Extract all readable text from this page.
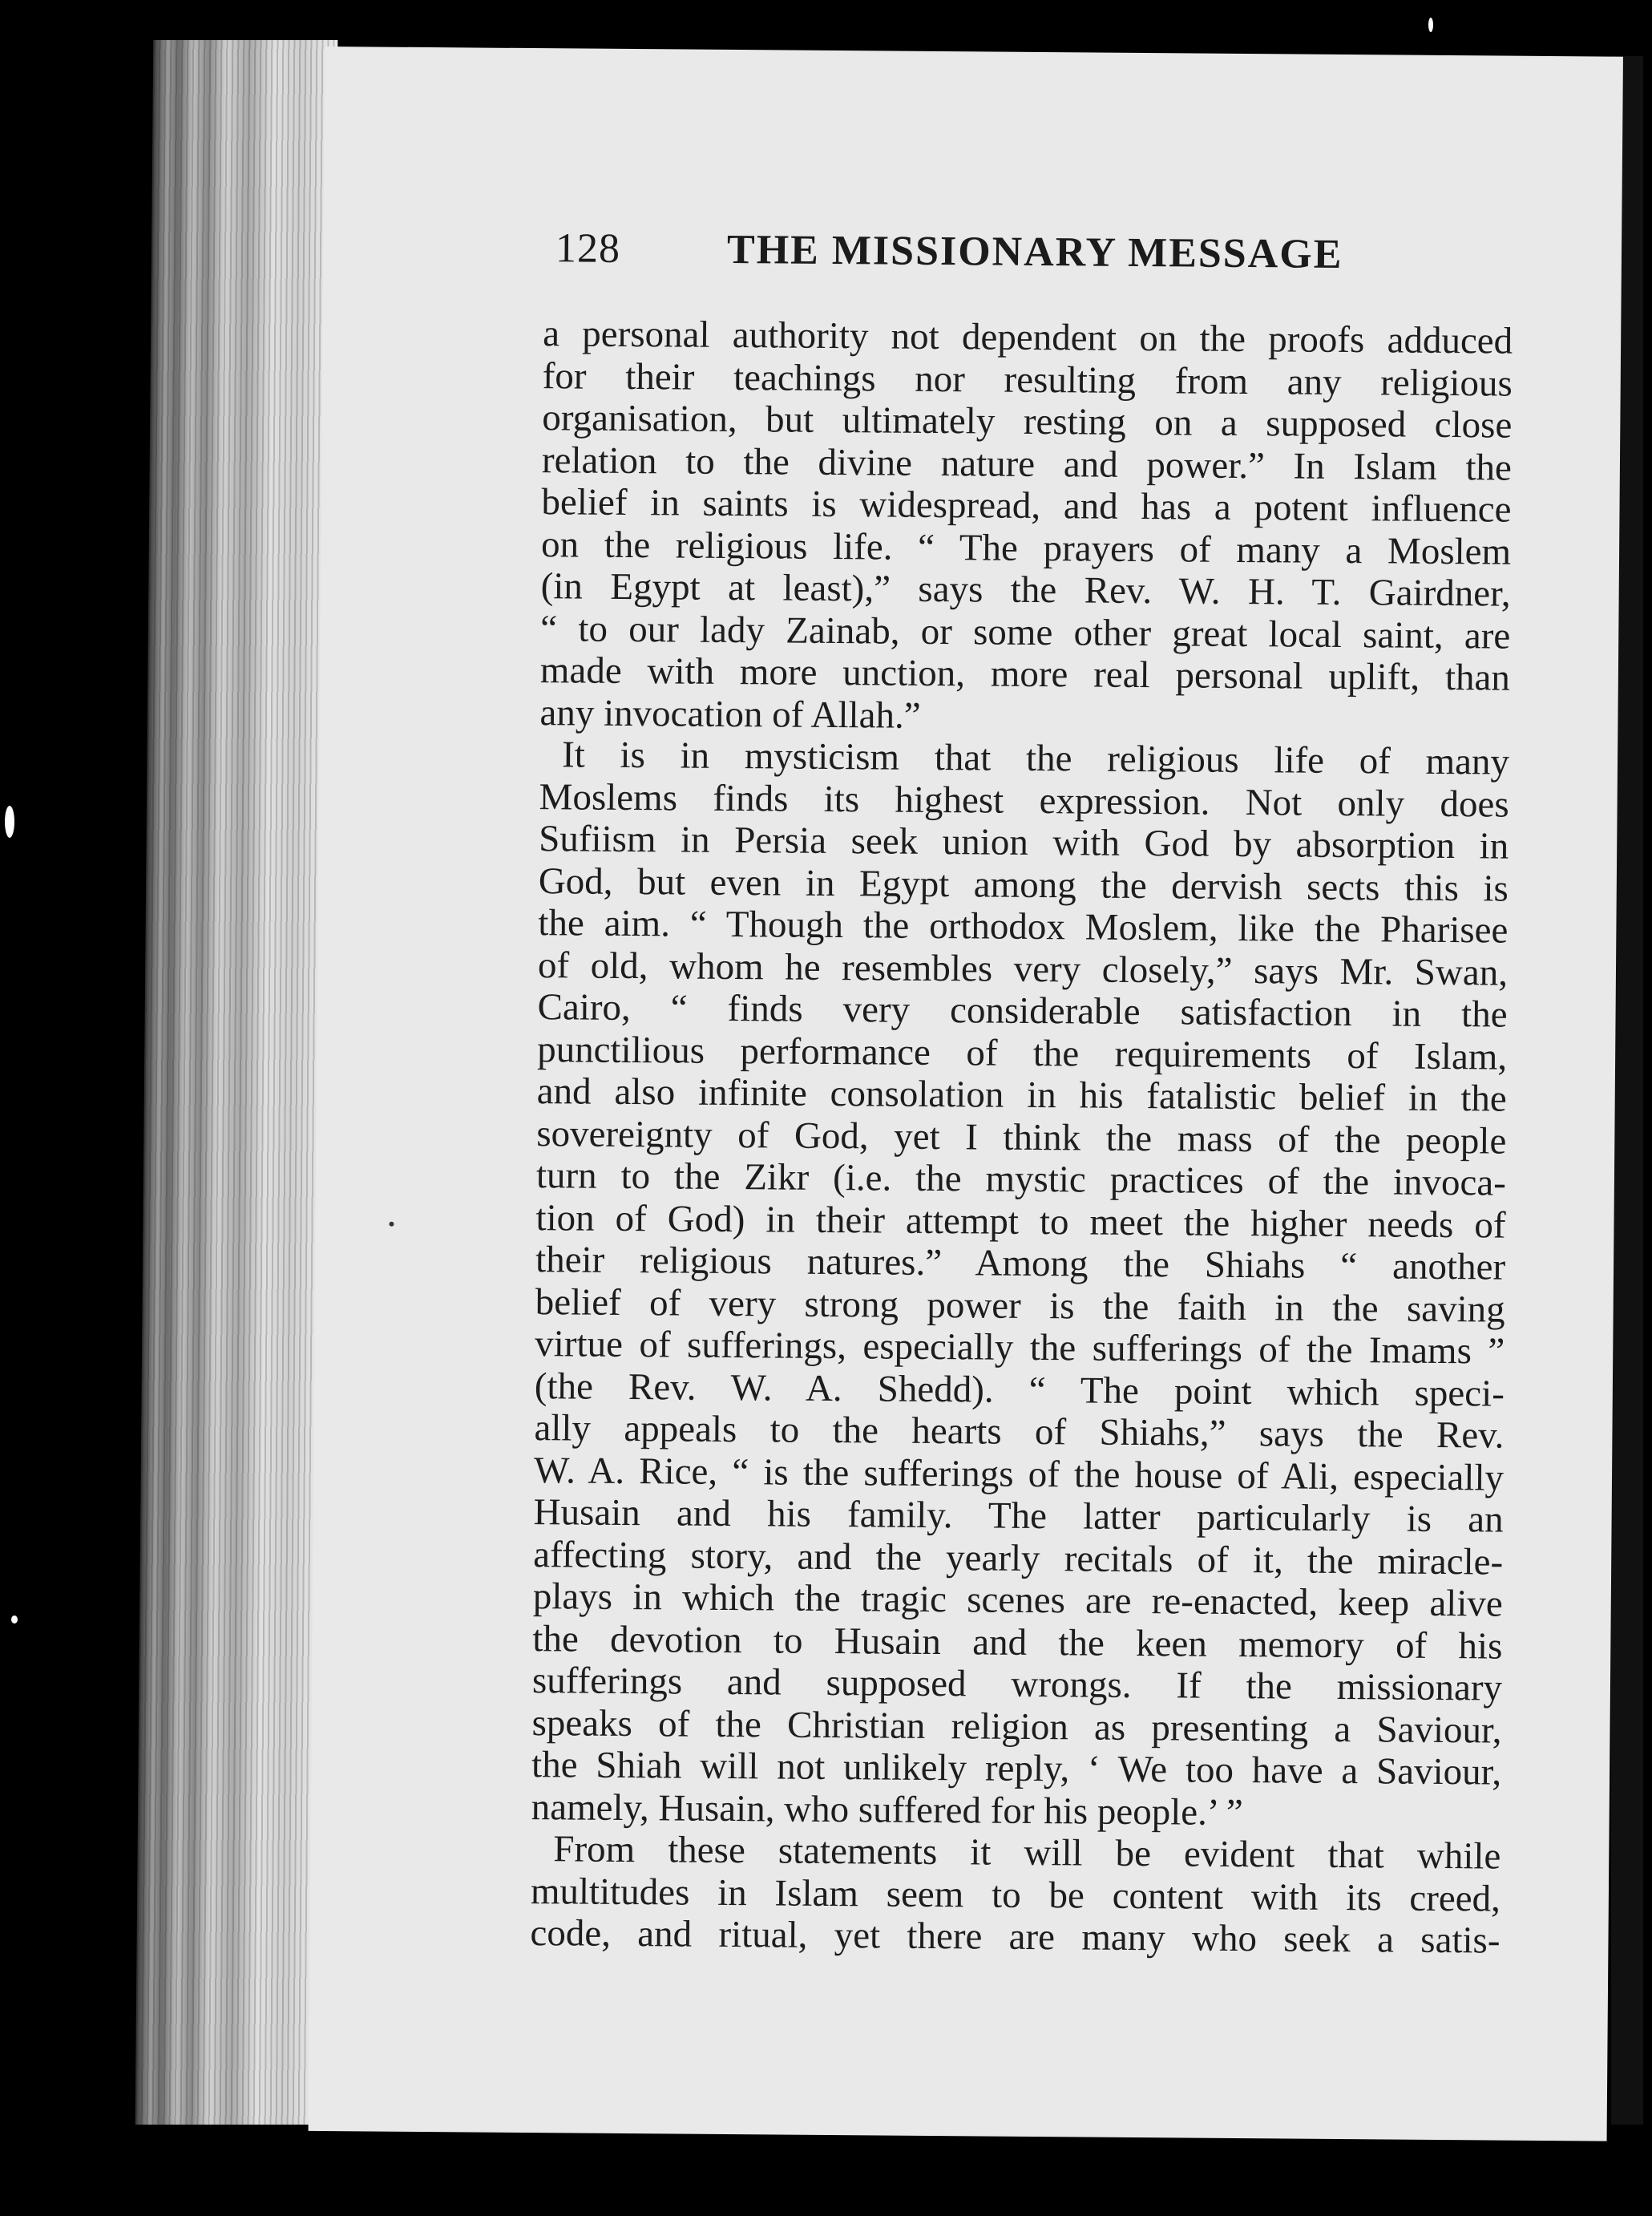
128	THE MISSIONARY MESSAGE
a personal authority not dependent on the proofs adduced
for their teachings nor resulting from any religious
organisation, but ultimately resting on a supposed close
relation to the divine nature and power.” In Islam the
belief in saints is widespread, and has a potent influence
on the religious life. “ The prayers of many a Moslem
(in Egypt at least),” says the Rev. W. H. T. Gairdner,
“ to our lady Zainab, or some other great local saint, are
made with more unction, more real personal uplift, than
any invocation of Allah.”
It is in mysticism that the religious life of many
Moslems finds its highest expression. Not only does
Sufiism in Persia seek union with God by absorption in
God, but even in Egypt among the dervish sects this is
the aim. “ Though the orthodox Moslem, like the Pharisee
of old, whom he resembles very closely,” says Mr. Swan,
Cairo, “ finds very considerable satisfaction in the
punctilious performance of the requirements of Islam,
and also infinite consolation in his fatalistic belief in the
sovereignty of God, yet I think the mass of the people
turn to the Zikr (i.e. the mystic practices of the invoca-
tion of God) in their attempt to meet the higher needs of
their religious natures.” Among the Shiahs “ another
belief of very strong power is the faith in the saving
virtue of sufferings, especially the sufferings of the Imams ”
(the Rev. W. A. Shedd). “ The point which speci-
ally appeals to the hearts of Shiahs,” says the Rev.
W. A. Rice, “ is the sufferings of the house of Ali, especially
Husain and his family. The latter particularly is an
affecting story, and the yearly recitals of it, the miracle-
plays in which the tragic scenes are re-enacted, keep alive
the devotion to Husain and the keen memory of his
sufferings and supposed wrongs. If the missionary
speaks of the Christian religion as presenting a Saviour,
the Shiah will not unlikely reply, ‘ We too have a Saviour,
namely, Husain, who suffered for his people.’ ”
From these statements it will be evident that while
multitudes in Islam seem to be content with its creed,
code, and ritual, yet there are many who seek a satis-
